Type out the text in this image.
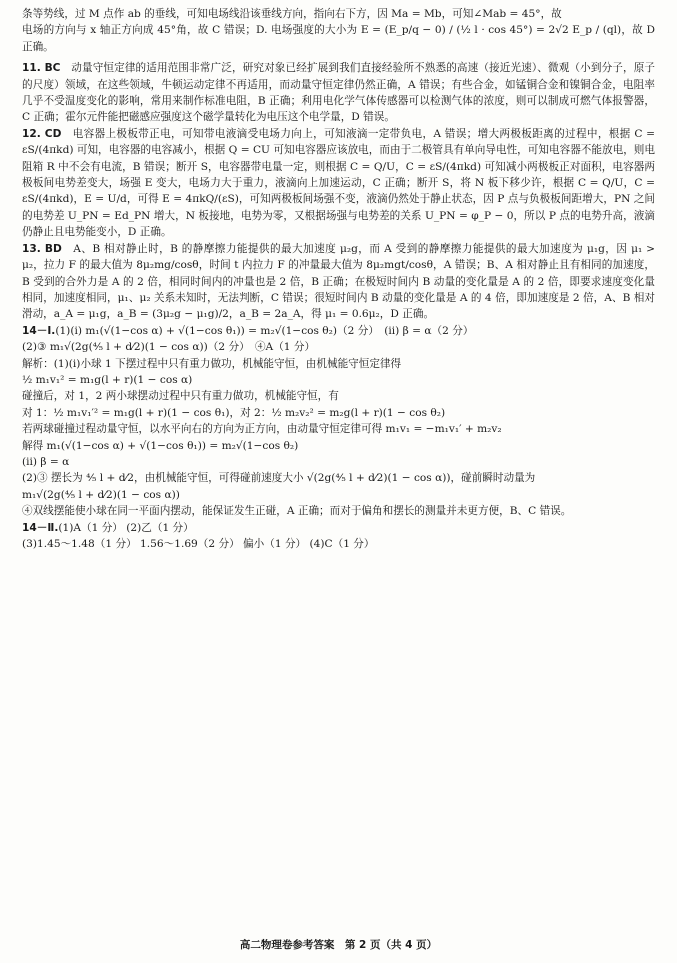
条等势线，过 M 点作 ab 的垂线，可知电场线沿该垂线方向，指向右下方，因 Ma = Mb，可知∠Mab = 45°，故

电场的方向与 x 轴正方向成 45°角，故 C 错误；D. 电场强度的大小为 E = (E_p/q − 0) / (½ l · cos 45°) = 2√2 E_p / (ql)，故 D 正确。

11. BC　 动量守恒定律的适用范围非常广泛，研究对象已经扩展到我们直接经验所不熟悉的高速（接近光速）、微观（小到分子，原子的尺度）领域，在这些领域，牛顿运动定律不再适用，而动量守恒定律仍然正确，A 错误；有些合金，如锰铜合金和镍铜合金，电阻率几乎不受温度变化的影响，常用来制作标准电阻，B 正确；利用电化学气体传感器可以检测气体的浓度，则可以制成可燃气体报警器，C 正确；霍尔元件能把磁感应强度这个磁学量转化为电压这个电学量，D 错误。

12. CD　 电容器上极板带正电，可知带电液滴受电场力向上，可知液滴一定带负电，A 错误；增大两极板距离的过程中，根据 C = εS/(4πkd) 可知，电容器的电容减小，根据 Q = CU 可知电容器应该放电，而由于二极管具有单向导电性，可知电容器不能放电，则电阻箱 R 中不会有电流，B 错误；断开 S，电容器带电量一定，则根据 C = Q/U，C = εS/(4πkd) 可知减小两极板正对面积，电容器两极板间电势差变大，场强 E 变大，电场力大于重力，液滴向上加速运动，C 正确；断开 S，将 N 板下移少许，根据 C = Q/U，C = εS/(4πkd)，E = U/d，可得 E = 4πkQ/(εS)，可知两极板间场强不变，液滴仍然处于静止状态，因 P 点与负极板间距增大，PN 之间的电势差 U_PN = Ed_PN 增大，N 板接地，电势为零，又根据场强与电势差的关系 U_PN = φ_P − 0，所以 P 点的电势升高，液滴仍静止且电势能变小，D 正确。

13. BD　 A、B 相对静止时，B 的静摩擦力能提供的最大加速度 μ₂g，而 A 受到的静摩擦力能提供的最大加速度为 μ₁g，因 μ₁ > μ₂，拉力 F 的最大值为 8μ₂mg/cosθ，时间 t 内拉力 F 的冲量最大值为 8μ₂mgt/cosθ，A 错误；B、A 相对静止且有相同的加速度，B 受到的合外力是 A 的 2 倍，相同时间内的冲量也是 2 倍，B 正确；在极短时间内 B 动量的变化量是 A 的 2 倍，即要求速度变化量相同，加速度相同，μ₁、μ₂ 关系未知时，无法判断，C 错误；很短时间内 B 动量的变化量是 A 的 4 倍，即加速度是 2 倍，A、B 相对滑动，a_A = μ₁g，a_B = (3μ₂g − μ₁g)/2，a_B = 2a_A，得 μ₁ = 0.6μ₂，D 正确。

14－Ⅰ.(1)(ⅰ) m₁(√(1−cos α) + √(1−cos θ₁)) = m₂√(1−cos θ₂)（2 分）　 (ⅱ) β = α（2 分）

(2)③ m₁√(2g(⁴⁄₅ l + d⁄2)(1 − cos α))（2 分）　 ④A（1 分）

解析：(1)(ⅰ)小球 1 下摆过程中只有重力做功，机械能守恒，由机械能守恒定律得

½ m₁v₁² = m₁g(l + r)(1 − cos α)

碰撞后，对 1，2 两小球摆动过程中只有重力做功，机械能守恒，有

对 1：½ m₁v₁′² = m₁g(l + r)(1 − cos θ₁)，对 2：½ m₂v₂² = m₂g(l + r)(1 − cos θ₂)

若两球碰撞过程动量守恒，以水平向右的方向为正方向，由动量守恒定律可得 m₁v₁ = −m₁v₁′ + m₂v₂

解得 m₁(√(1−cos α) + √(1−cos θ₁)) = m₂√(1−cos θ₂)

(ⅱ) β = α

(2)③ 摆长为 ⁴⁄₅ l + d⁄2，由机械能守恒，可得碰前速度大小 √(2g(⁴⁄₅ l + d⁄2)(1 − cos α))，碰前瞬时动量为

m₁√(2g(⁴⁄₅ l + d⁄2)(1 − cos α))

④双线摆能使小球在同一平面内摆动，能保证发生正碰，A 正确；而对于偏角和摆长的测量并未更方便，B、C 错误。

14－Ⅱ.(1)A（1 分） (2)乙（1 分）

(3)1.45～1.48（1 分） 1.56～1.69（2 分） 偏小（1 分） (4)C（1 分）

高二物理卷参考答案　第 2 页（共 4 页）
